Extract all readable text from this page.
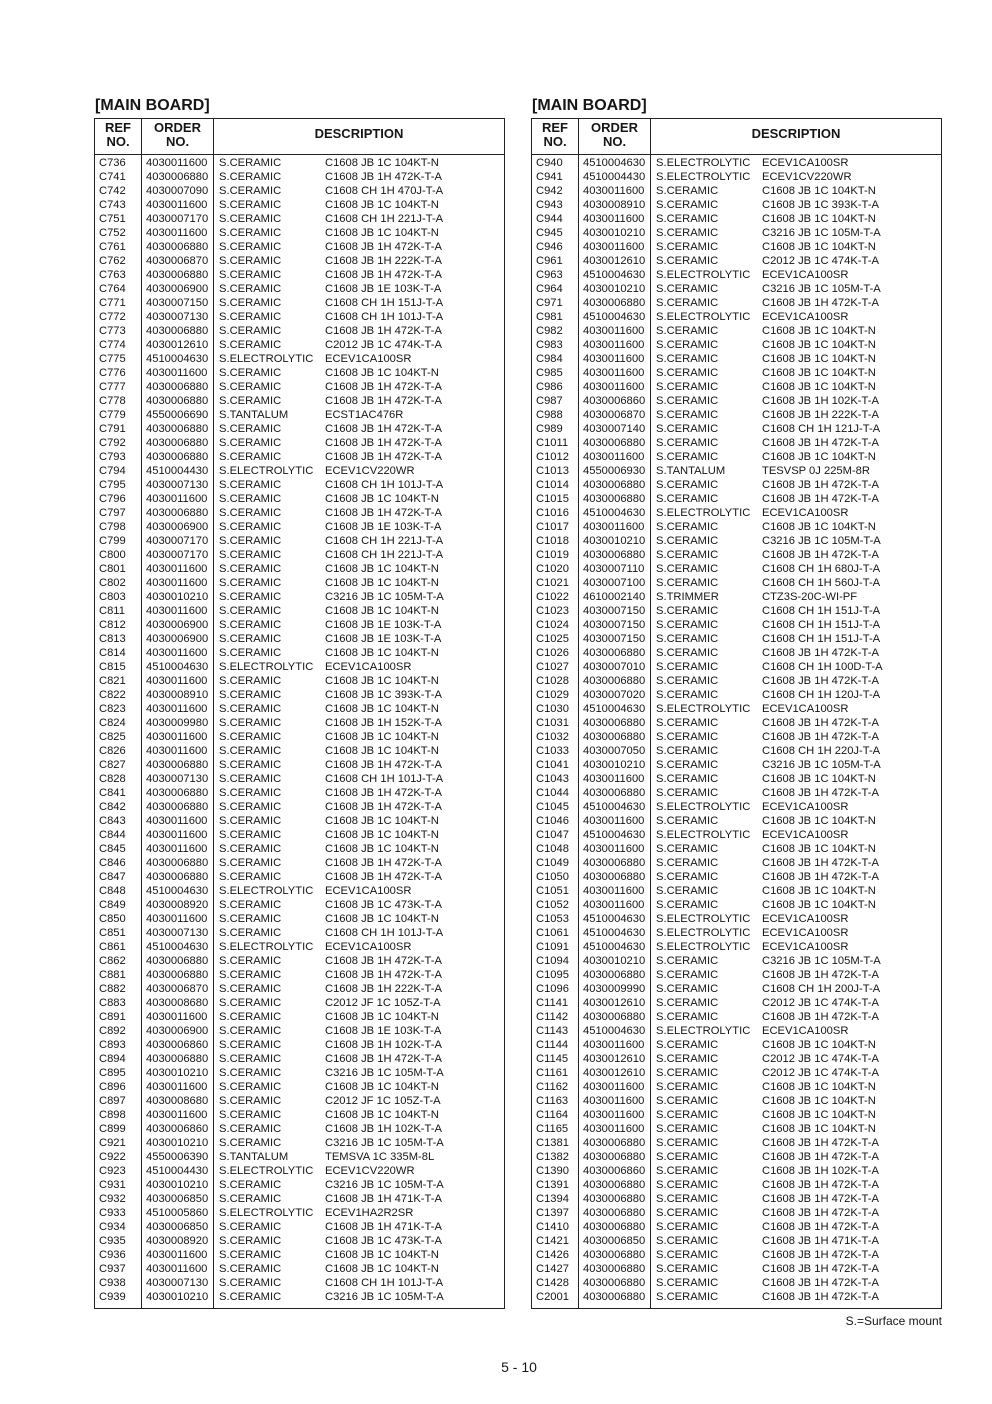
[MAIN BOARD]
REF
NO.
ORDER
NO.
DESCRIPTION
C736 4030011600 S.CERAMIC	C1608 JB 1C 104KT-N
C741 4030006880 S.CERAMIC	C1608 JB 1H 472K-T-A
C742 4030007090 S.CERAMIC	C1608 CH 1H 470J-T-A
C743 4030011600 S.CERAMIC	C1608 JB 1C 104KT-N
C751 4030007170 S.CERAMIC	C1608 CH 1H 221J-T-A
C752 4030011600 S.CERAMIC	C1608 JB 1C 104KT-N
C761 4030006880 S.CERAMIC	C1608 JB 1H 472K-T-A
C762 4030006870 S.CERAMIC	C1608 JB 1H 222K-T-A
C763 4030006880 S.CERAMIC	C1608 JB 1H 472K-T-A
C764 4030006900 S.CERAMIC	C1608 JB 1E 103K-T-A
C771 4030007150 S.CERAMIC	C1608 CH 1H 151J-T-A
C772 4030007130 S.CERAMIC	C1608 CH 1H 101J-T-A
C773 4030006880 S.CERAMIC	C1608 JB 1H 472K-T-A
C774 4030012610 S.CERAMIC	C2012 JB 1C 474K-T-A
C775 4510004630 S.ELECTROLYTIC ECEV1CA100SR
C776 4030011600 S.CERAMIC	C1608 JB 1C 104KT-N
C777 4030006880 S.CERAMIC	C1608 JB 1H 472K-T-A
C778 4030006880 S.CERAMIC	C1608 JB 1H 472K-T-A
C779 4550006690 S.TANTALUM	ECST1AC476R
C791 4030006880 S.CERAMIC	C1608 JB 1H 472K-T-A
C792 4030006880 S.CERAMIC	C1608 JB 1H 472K-T-A
C793 4030006880 S.CERAMIC	C1608 JB 1H 472K-T-A
C794 4510004430 S.ELECTROLYTIC ECEV1CV220WR
C795 4030007130 S.CERAMIC	C1608 CH 1H 101J-T-A
C796 4030011600 S.CERAMIC	C1608 JB 1C 104KT-N
C797 4030006880 S.CERAMIC	C1608 JB 1H 472K-T-A
C798 4030006900 S.CERAMIC	C1608 JB 1E 103K-T-A
C799 4030007170 S.CERAMIC	C1608 CH 1H 221J-T-A
C800 4030007170 S.CERAMIC	C1608 CH 1H 221J-T-A
C801 4030011600 S.CERAMIC	C1608 JB 1C 104KT-N
C802 4030011600 S.CERAMIC	C1608 JB 1C 104KT-N
C803 4030010210 S.CERAMIC	C3216 JB 1C 105M-T-A
C811 4030011600 S.CERAMIC	C1608 JB 1C 104KT-N
C812 4030006900 S.CERAMIC	C1608 JB 1E 103K-T-A
C813 4030006900 S.CERAMIC	C1608 JB 1E 103K-T-A
C814 4030011600 S.CERAMIC	C1608 JB 1C 104KT-N
C815 4510004630 S.ELECTROLYTIC ECEV1CA100SR
C821 4030011600 S.CERAMIC	C1608 JB 1C 104KT-N
C822 4030008910 S.CERAMIC	C1608 JB 1C 393K-T-A
C823 4030011600 S.CERAMIC	C1608 JB 1C 104KT-N
C824 4030009980 S.CERAMIC	C1608 JB 1H 152K-T-A
C825 4030011600 S.CERAMIC	C1608 JB 1C 104KT-N
C826 4030011600 S.CERAMIC	C1608 JB 1C 104KT-N
C827 4030006880 S.CERAMIC	C1608 JB 1H 472K-T-A
C828 4030007130 S.CERAMIC	C1608 CH 1H 101J-T-A
C841 4030006880 S.CERAMIC	C1608 JB 1H 472K-T-A
C842 4030006880 S.CERAMIC	C1608 JB 1H 472K-T-A
C843 4030011600 S.CERAMIC	C1608 JB 1C 104KT-N
C844 4030011600 S.CERAMIC	C1608 JB 1C 104KT-N
C845 4030011600 S.CERAMIC	C1608 JB 1C 104KT-N
C846 4030006880 S.CERAMIC	C1608 JB 1H 472K-T-A
C847 4030006880 S.CERAMIC	C1608 JB 1H 472K-T-A
C848 4510004630 S.ELECTROLYTIC ECEV1CA100SR
C849 4030008920 S.CERAMIC	C1608 JB 1C 473K-T-A
C850 4030011600 S.CERAMIC	C1608 JB 1C 104KT-N
C851 4030007130 S.CERAMIC	C1608 CH 1H 101J-T-A
C861 4510004630 S.ELECTROLYTIC ECEV1CA100SR
C862 4030006880 S.CERAMIC	C1608 JB 1H 472K-T-A
C881 4030006880 S.CERAMIC	C1608 JB 1H 472K-T-A
C882 4030006870 S.CERAMIC	C1608 JB 1H 222K-T-A
C883 4030008680 S.CERAMIC	C2012 JF 1C 105Z-T-A
C891 4030011600 S.CERAMIC	C1608 JB 1C 104KT-N
C892 4030006900 S.CERAMIC	C1608 JB 1E 103K-T-A
C893 4030006860 S.CERAMIC	C1608 JB 1H 102K-T-A
C894 4030006880 S.CERAMIC	C1608 JB 1H 472K-T-A
C895 4030010210 S.CERAMIC	C3216 JB 1C 105M-T-A
C896 4030011600 S.CERAMIC	C1608 JB 1C 104KT-N
C897 4030008680 S.CERAMIC	C2012 JF 1C 105Z-T-A
C898 4030011600 S.CERAMIC	C1608 JB 1C 104KT-N
C899 4030006860 S.CERAMIC	C1608 JB 1H 102K-T-A
C921 4030010210 S.CERAMIC	C3216 JB 1C 105M-T-A
C922 4550006390 S.TANTALUM	TEMSVA 1C 335M-8L
C923 4510004430 S.ELECTROLYTIC ECEV1CV220WR
C931 4030010210 S.CERAMIC	C3216 JB 1C 105M-T-A
C932 4030006850 S.CERAMIC	C1608 JB 1H 471K-T-A
C933 4510005860 S.ELECTROLYTIC ECEV1HA2R2SR
C934 4030006850 S.CERAMIC	C1608 JB 1H 471K-T-A
C935 4030008920 S.CERAMIC	C1608 JB 1C 473K-T-A
C936 4030011600 S.CERAMIC	C1608 JB 1C 104KT-N
C937 4030011600 S.CERAMIC	C1608 JB 1C 104KT-N
C938 4030007130 S.CERAMIC	C1608 CH 1H 101J-T-A
C939 4030010210 S.CERAMIC	C3216 JB 1C 105M-T-A
[MAIN BOARD]
REF
NO.
ORDER
NO.
DESCRIPTION
C940 4510004630 S.ELECTROLYTIC ECEV1CA100SR
C941 4510004430 S.ELECTROLYTIC ECEV1CV220WR
C942 4030011600 S.CERAMIC	C1608 JB 1C 104KT-N
C943 4030008910 S.CERAMIC	C1608 JB 1C 393K-T-A
C944 4030011600 S.CERAMIC	C1608 JB 1C 104KT-N
C945 4030010210 S.CERAMIC	C3216 JB 1C 105M-T-A
C946 4030011600 S.CERAMIC	C1608 JB 1C 104KT-N
C961 4030012610 S.CERAMIC	C2012 JB 1C 474K-T-A
C963 4510004630 S.ELECTROLYTIC ECEV1CA100SR
C964 4030010210 S.CERAMIC	C3216 JB 1C 105M-T-A
C971 4030006880 S.CERAMIC	C1608 JB 1H 472K-T-A
C981 4510004630 S.ELECTROLYTIC ECEV1CA100SR
C982 4030011600 S.CERAMIC	C1608 JB 1C 104KT-N
C983 4030011600 S.CERAMIC	C1608 JB 1C 104KT-N
C984 4030011600 S.CERAMIC	C1608 JB 1C 104KT-N
C985 4030011600 S.CERAMIC	C1608 JB 1C 104KT-N
C986 4030011600 S.CERAMIC	C1608 JB 1C 104KT-N
C987 4030006860 S.CERAMIC	C1608 JB 1H 102K-T-A
C988 4030006870 S.CERAMIC	C1608 JB 1H 222K-T-A
C989 4030007140 S.CERAMIC	C1608 CH 1H 121J-T-A
C1011 4030006880 S.CERAMIC	C1608 JB 1H 472K-T-A
C1012 4030011600 S.CERAMIC	C1608 JB 1C 104KT-N
C1013 4550006930 S.TANTALUM	TESVSP 0J 225M-8R
C1014 4030006880 S.CERAMIC	C1608 JB 1H 472K-T-A
C1015 4030006880 S.CERAMIC	C1608 JB 1H 472K-T-A
C1016 4510004630 S.ELECTROLYTIC ECEV1CA100SR
C1017 4030011600 S.CERAMIC	C1608 JB 1C 104KT-N
C1018 4030010210 S.CERAMIC	C3216 JB 1C 105M-T-A
C1019 4030006880 S.CERAMIC	C1608 JB 1H 472K-T-A
C1020 4030007110 S.CERAMIC	C1608 CH 1H 680J-T-A
C1021 4030007100 S.CERAMIC	C1608 CH 1H 560J-T-A
C1022 4610002140 S.TRIMMER	CTZ3S-20C-WI-PF
C1023 4030007150 S.CERAMIC	C1608 CH 1H 151J-T-A
C1024 4030007150 S.CERAMIC	C1608 CH 1H 151J-T-A
C1025 4030007150 S.CERAMIC	C1608 CH 1H 151J-T-A
C1026 4030006880 S.CERAMIC	C1608 JB 1H 472K-T-A
C1027 4030007010 S.CERAMIC	C1608 CH 1H 100D-T-A
C1028 4030006880 S.CERAMIC	C1608 JB 1H 472K-T-A
C1029 4030007020 S.CERAMIC	C1608 CH 1H 120J-T-A
C1030 4510004630 S.ELECTROLYTIC ECEV1CA100SR
C1031 4030006880 S.CERAMIC	C1608 JB 1H 472K-T-A
C1032 4030006880 S.CERAMIC	C1608 JB 1H 472K-T-A
C1033 4030007050 S.CERAMIC	C1608 CH 1H 220J-T-A
C1041 4030010210 S.CERAMIC	C3216 JB 1C 105M-T-A
C1043 4030011600 S.CERAMIC	C1608 JB 1C 104KT-N
C1044 4030006880 S.CERAMIC	C1608 JB 1H 472K-T-A
C1045 4510004630 S.ELECTROLYTIC ECEV1CA100SR
C1046 4030011600 S.CERAMIC	C1608 JB 1C 104KT-N
C1047 4510004630 S.ELECTROLYTIC ECEV1CA100SR
C1048 4030011600 S.CERAMIC	C1608 JB 1C 104KT-N
C1049 4030006880 S.CERAMIC	C1608 JB 1H 472K-T-A
C1050 4030006880 S.CERAMIC	C1608 JB 1H 472K-T-A
C1051 4030011600 S.CERAMIC	C1608 JB 1C 104KT-N
C1052 4030011600 S.CERAMIC	C1608 JB 1C 104KT-N
C1053 4510004630 S.ELECTROLYTIC ECEV1CA100SR
C1061 4510004630 S.ELECTROLYTIC ECEV1CA100SR
C1091 4510004630 S.ELECTROLYTIC ECEV1CA100SR
C1094 4030010210 S.CERAMIC	C3216 JB 1C 105M-T-A
C1095 4030006880 S.CERAMIC	C1608 JB 1H 472K-T-A
C1096 4030009990 S.CERAMIC	C1608 CH 1H 200J-T-A
C1141 4030012610 S.CERAMIC	C2012 JB 1C 474K-T-A
C1142 4030006880 S.CERAMIC	C1608 JB 1H 472K-T-A
C1143 4510004630 S.ELECTROLYTIC ECEV1CA100SR
C1144 4030011600 S.CERAMIC	C1608 JB 1C 104KT-N
C1145 4030012610 S.CERAMIC	C2012 JB 1C 474K-T-A
C1161 4030012610 S.CERAMIC	C2012 JB 1C 474K-T-A
C1162 4030011600 S.CERAMIC	C1608 JB 1C 104KT-N
C1163 4030011600 S.CERAMIC	C1608 JB 1C 104KT-N
C1164 4030011600 S.CERAMIC	C1608 JB 1C 104KT-N
C1165 4030011600 S.CERAMIC	C1608 JB 1C 104KT-N
C1381 4030006880 S.CERAMIC	C1608 JB 1H 472K-T-A
C1382 4030006880 S.CERAMIC	C1608 JB 1H 472K-T-A
C1390 4030006860 S.CERAMIC	C1608 JB 1H 102K-T-A
C1391 4030006880 S.CERAMIC	C1608 JB 1H 472K-T-A
C1394 4030006880 S.CERAMIC	C1608 JB 1H 472K-T-A
C1397 4030006880 S.CERAMIC	C1608 JB 1H 472K-T-A
C1410 4030006880 S.CERAMIC	C1608 JB 1H 472K-T-A
C1421 4030006850 S.CERAMIC	C1608 JB 1H 471K-T-A
C1426 4030006880 S.CERAMIC	C1608 JB 1H 472K-T-A
C1427 4030006880 S.CERAMIC	C1608 JB 1H 472K-T-A
C1428 4030006880 S.CERAMIC	C1608 JB 1H 472K-T-A
C2001 4030006880 S.CERAMIC	C1608 JB 1H 472K-T-A
S.=Surface mount
5 - 10
